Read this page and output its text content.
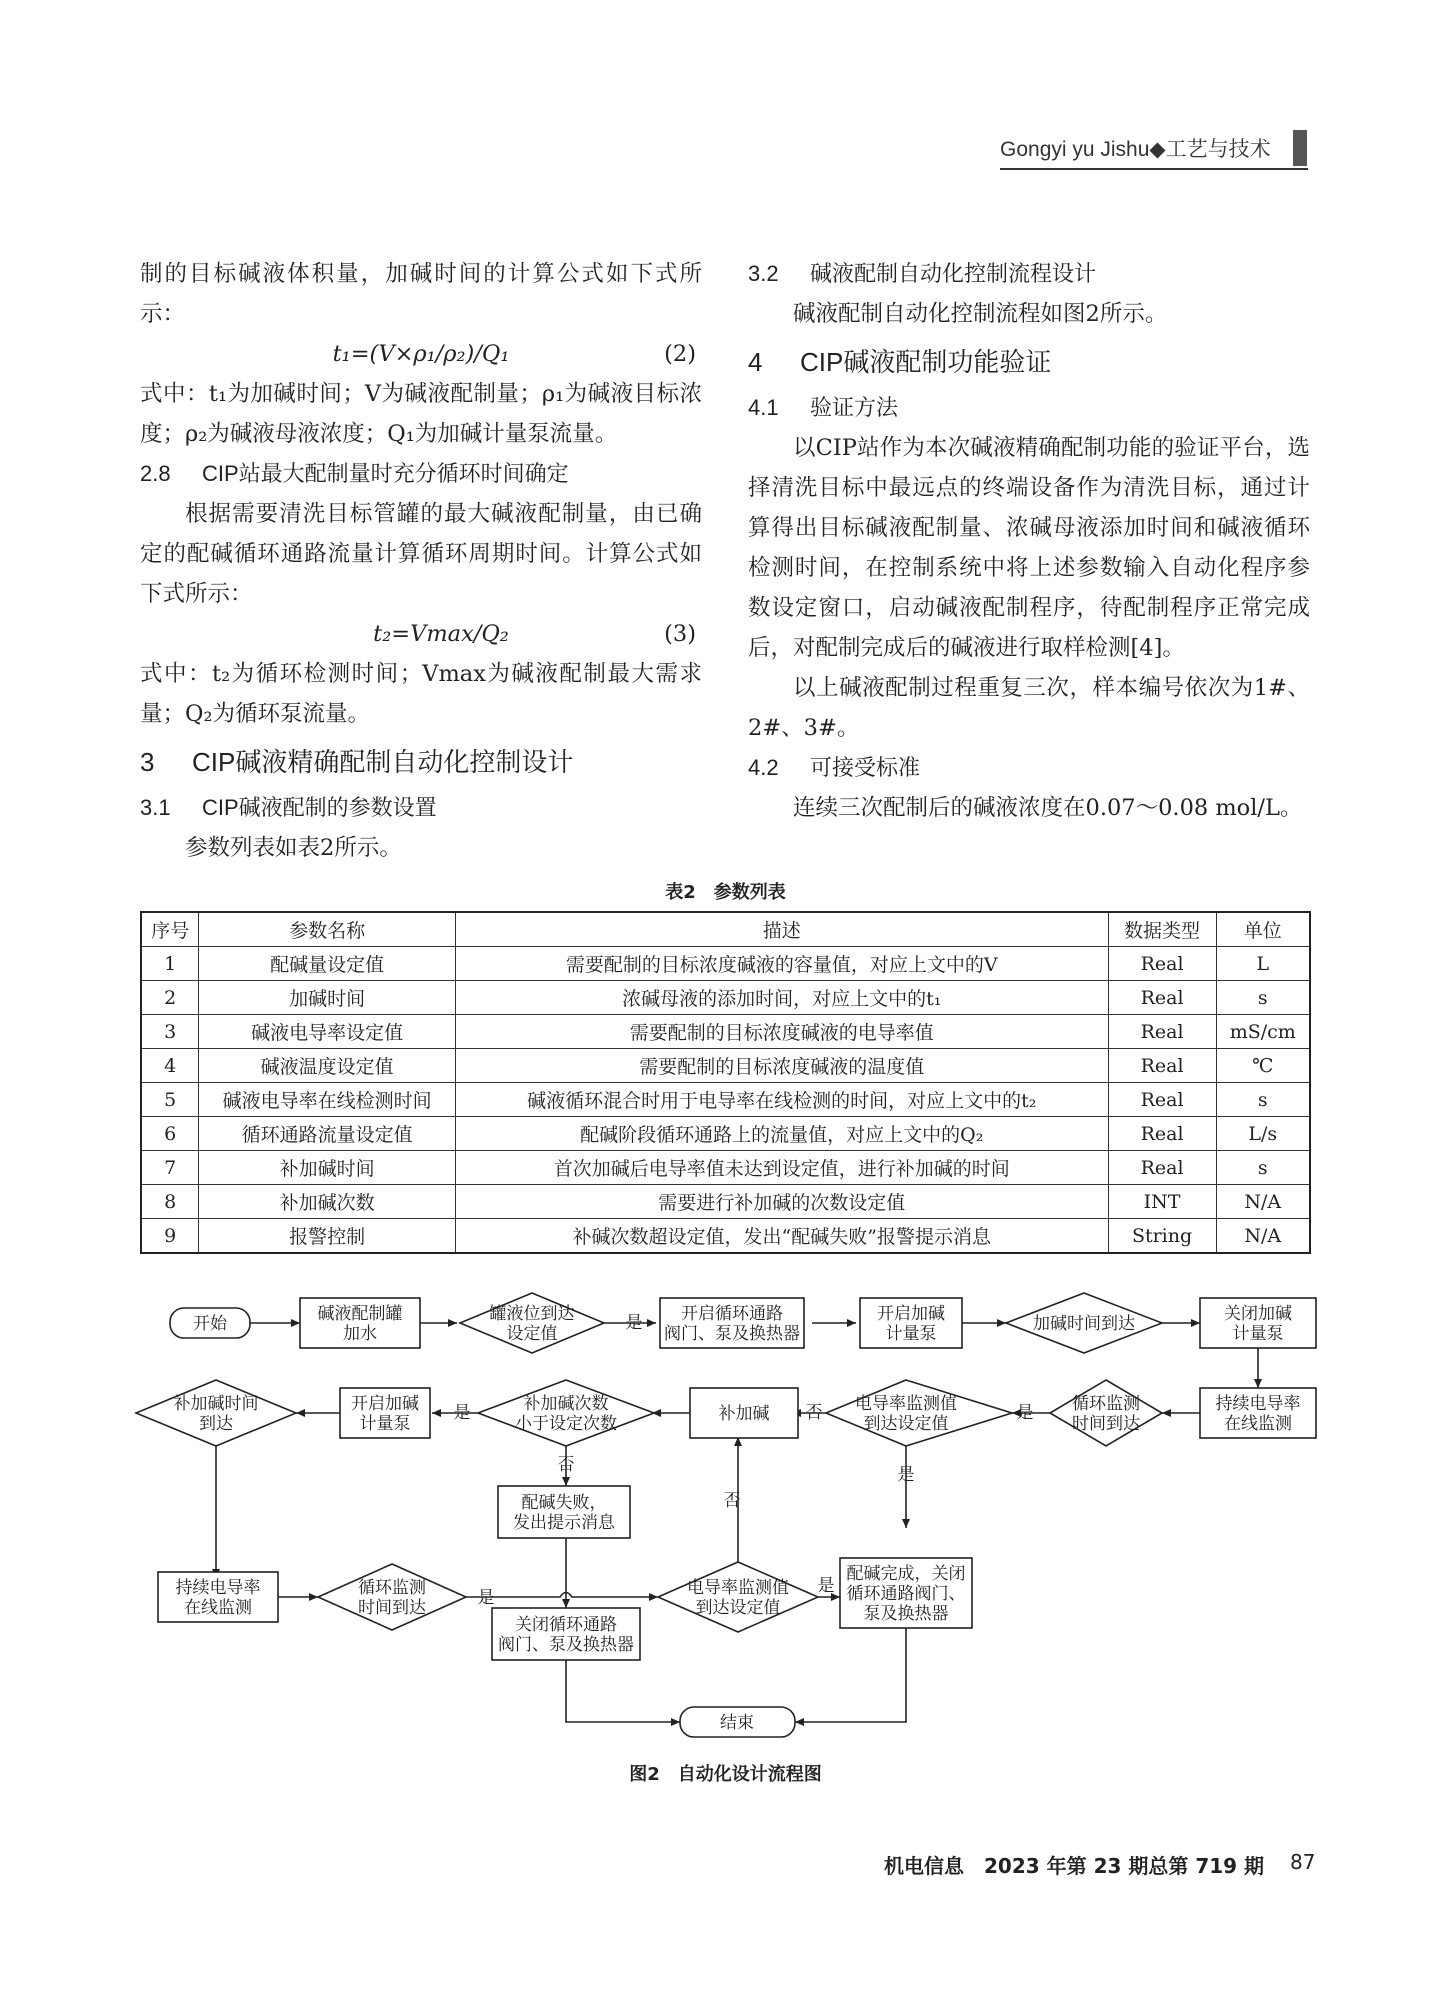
Gongyi yu Jishu◆工艺与技术

制的目标碱液体积量，加碱时间的计算公式如下式所示：

t₁=(V×ρ₁/ρ₂)/Q₁	(2)

式中：t₁为加碱时间；V为碱液配制量；ρ₁为碱液目标浓度；ρ₂为碱液母液浓度；Q₁为加碱计量泵流量。

2.8 CIP站最大配制量时充分循环时间确定

根据需要清洗目标管罐的最大碱液配制量，由已确定的配碱循环通路流量计算循环周期时间。计算公式如下式所示：

t₂=Vmax/Q₂	(3)

式中：t₂为循环检测时间；Vmax为碱液配制最大需求量；Q₂为循环泵流量。

3 CIP碱液精确配制自动化控制设计

3.1 CIP碱液配制的参数设置

参数列表如表2所示。

3.2 碱液配制自动化控制流程设计

碱液配制自动化控制流程如图2所示。

4 CIP碱液配制功能验证

4.1 验证方法

以CIP站作为本次碱液精确配制功能的验证平台，选择清洗目标中最远点的终端设备作为清洗目标，通过计算得出目标碱液配制量、浓碱母液添加时间和碱液循环检测时间，在控制系统中将上述参数输入自动化程序参数设定窗口，启动碱液配制程序，待配制程序正常完成后，对配制完成后的碱液进行取样检测[4]。

以上碱液配制过程重复三次，样本编号依次为1#、2#、3#。

4.2 可接受标准

连续三次配制后的碱液浓度在0.07～0.08 mol/L。

表2　参数列表
序号	参数名称	描述	数据类型	单位
1	配碱量设定值	需要配制的目标浓度碱液的容量值，对应上文中的V	Real	L
2	加碱时间	浓碱母液的添加时间，对应上文中的t₁	Real	s
3	碱液电导率设定值	需要配制的目标浓度碱液的电导率值	Real	mS/cm
4	碱液温度设定值	需要配制的目标浓度碱液的温度值	Real	℃
5	碱液电导率在线检测时间	碱液循环混合时用于电导率在线检测的时间，对应上文中的t₂	Real	s
6	循环通路流量设定值	配碱阶段循环通路上的流量值，对应上文中的Q₂	Real	L/s
7	补加碱时间	首次加碱后电导率值未达到设定值，进行补加碱的时间	Real	s
8	补加碱次数	需要进行补加碱的次数设定值	INT	N/A
9	报警控制	补碱次数超设定值，发出“配碱失败”报警提示消息	String	N/A
开始	碱液配制罐
加水
罐液位到达
设定值
开启循环通路
阀门、泵及换热器
开启加碱
计量泵	加碱时间到达	关闭加碱
计量泵
持续电导率
在线监测
循环监测
时间到达
电导率监测值
到达设定值
补加碱
补加碱次数
小于设定次数
开启加碱
计量泵
补加碱时间
到达
配碱失败，
发出提示消息
持续电导率
在线监测
循环监测
时间到达
电导率监测值
到达设定值
配碱完成，关闭
循环通路阀门、
泵及换热器
关闭循环通路
阀门、泵及换热器
结束
是
是
否
是
否	是
否
是
是
图2　自动化设计流程图
机电信息　2023 年第 23 期总第 719 期 87
